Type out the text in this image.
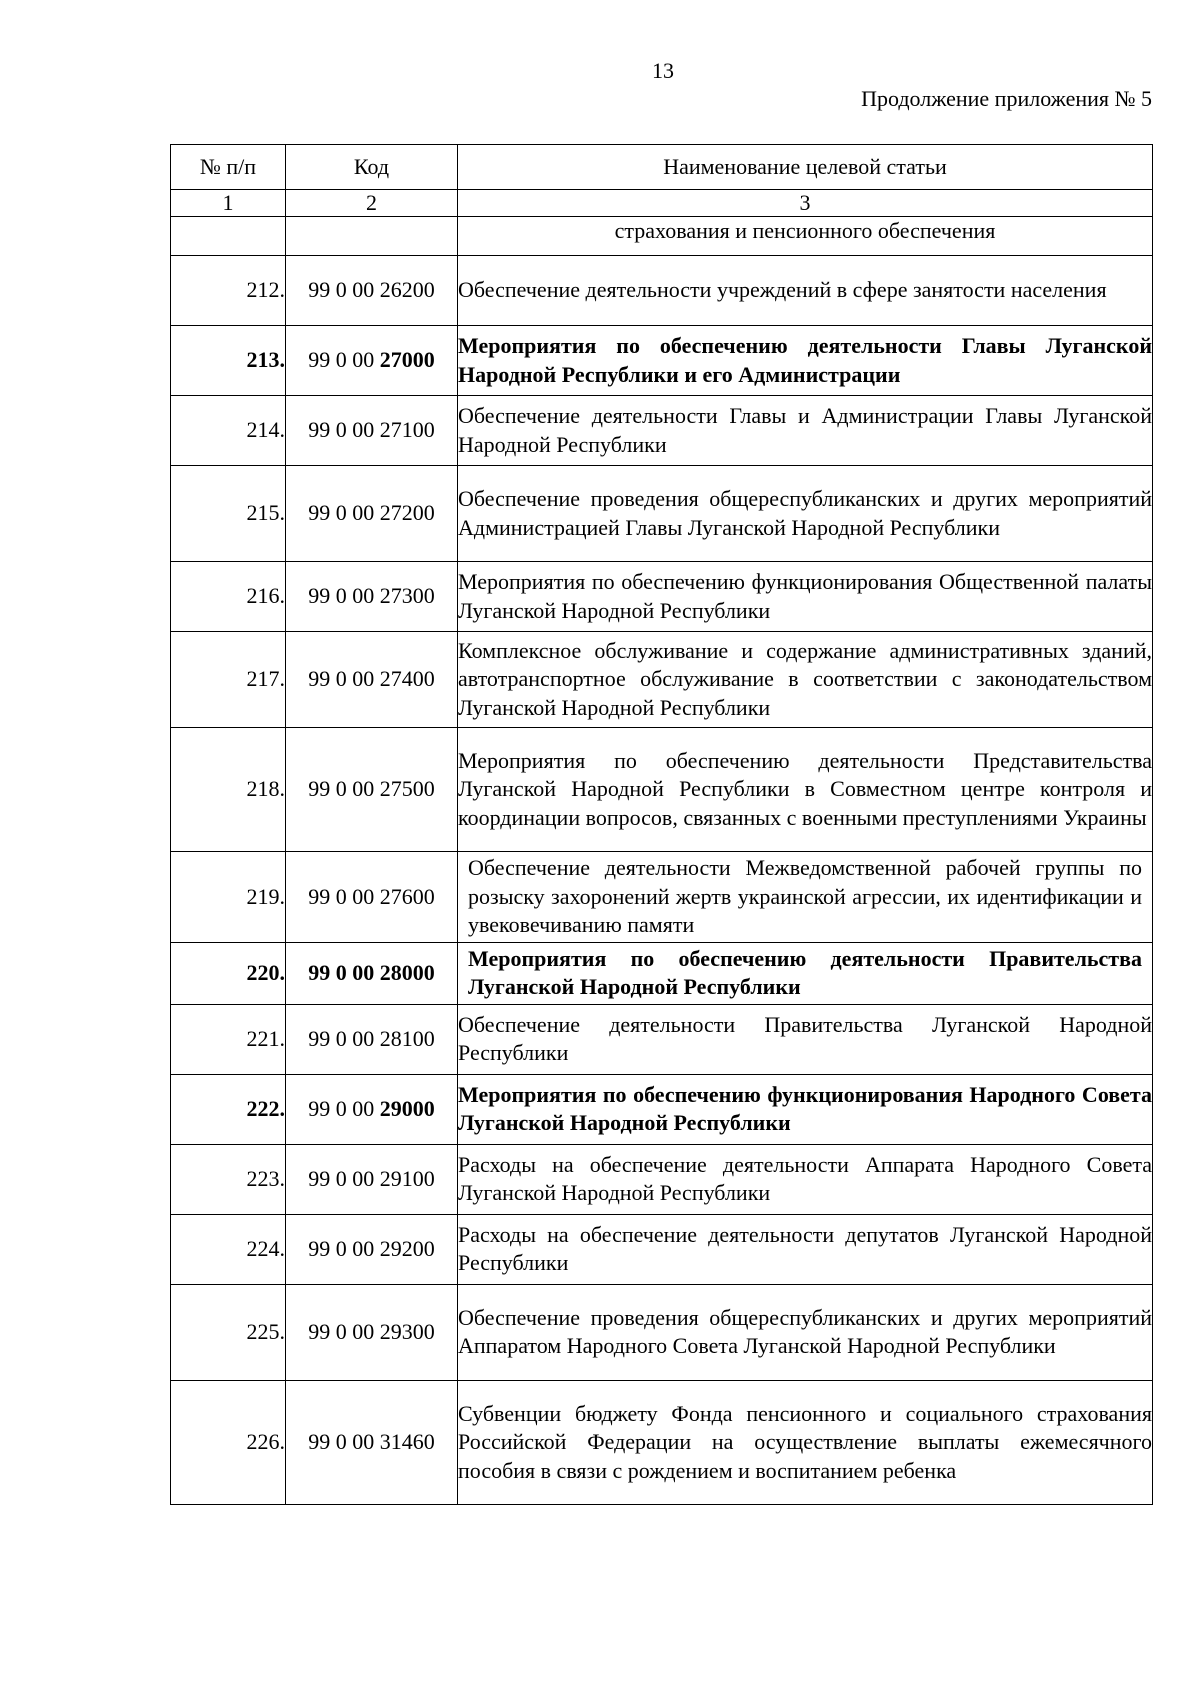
13
Продолжение приложения № 5
№ п/п	Код	Наименование целевой статьи
1	2	3
		страхования и пенсионного обеспечения
212.	99 0 00 26200	Обеспечение деятельности учреждений в сфере занятости населения
213.	99 0 00 27000	Мероприятия по обеспечению деятельности Главы Луганской Народной Республики и его Администрации
214.	99 0 00 27100	Обеспечение деятельности Главы и Администрации Главы Луганской Народной Республики
215.	99 0 00 27200	Обеспечение проведения общереспубликанских и других мероприятий Администрацией Главы Луганской Народной Республики
216.	99 0 00 27300	Мероприятия по обеспечению функционирования Общественной палаты Луганской Народной Республики
217.	99 0 00 27400	Комплексное обслуживание и содержание административных зданий, автотранспортное обслуживание в соответствии с законодательством Луганской Народной Республики
218.	99 0 00 27500	Мероприятия по обеспечению деятельности Представительства Луганской Народной Республики в Совместном центре контроля и координации вопросов, связанных с военными преступлениями Украины
219.	99 0 00 27600	Обеспечение деятельности Межведомственной рабочей группы по розыску захоронений жертв украинской агрессии, их идентификации и увековечиванию памяти
220.	99 0 00 28000	Мероприятия по обеспечению деятельности Правительства Луганской Народной Республики
221.	99 0 00 28100	Обеспечение деятельности Правительства Луганской Народной Республики
222.	99 0 00 29000	Мероприятия по обеспечению функционирования Народного Совета Луганской Народной Республики
223.	99 0 00 29100	Расходы на обеспечение деятельности Аппарата Народного Совета Луганской Народной Республики
224.	99 0 00 29200	Расходы на обеспечение деятельности депутатов Луганской Народной Республики
225.	99 0 00 29300	Обеспечение проведения общереспубликанских и других мероприятий Аппаратом Народного Совета Луганской Народной Республики
226.	99 0 00 31460	Субвенции бюджету Фонда пенсионного и социального страхования Российской Федерации на осуществление выплаты ежемесячного пособия в связи с рождением и воспитанием ребенка
